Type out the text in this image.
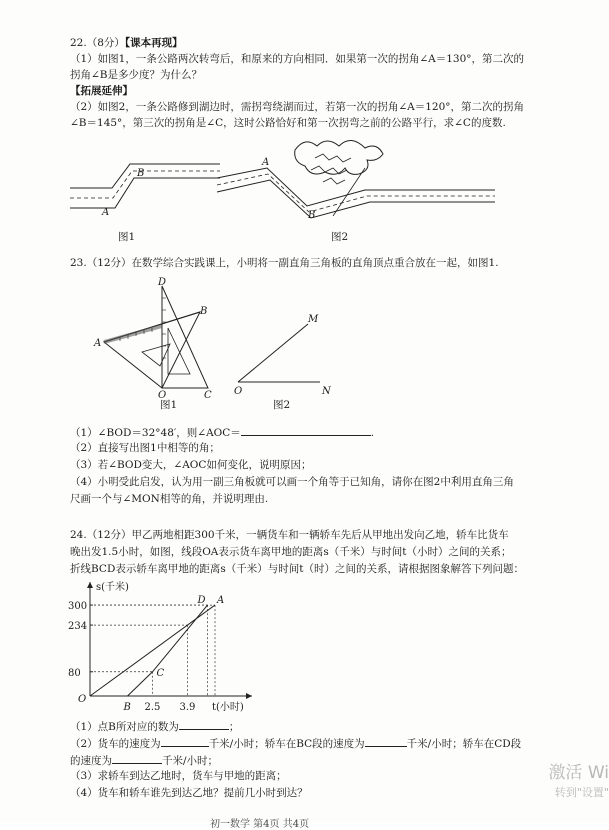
22.（8分）【课本再现】
（1）如图1，一条公路两次转弯后，和原来的方向相同．如果第一次的拐角∠A＝130°，第二次的
拐角∠B是多少度？为什么？
【拓展延伸】
（2）如图2，一条公路修到湖边时，需拐弯绕湖而过，若第一次的拐角∠A＝120°，第二次的拐角
∠B＝145°，第三次的拐角是∠C，这时公路恰好和第一次拐弯之前的公路平行，求∠C的度数.
A
B
图1
A
B
图2
23.（12分）在数学综合实践课上，小明将一副直角三角板的直角顶点重合放在一起，如图1.
D
B
A
O	C
图1
M
O	N
图2
（1）∠BOD＝32°48′，则∠AOC＝	.
（2）直接写出图1中相等的角；
（3）若∠BOD变大，∠AOC如何变化，说明原因；
（4）小明受此启发，认为用一副三角板就可以画一个角等于已知角，请你在图2中利用直角三角
尺画一个与∠MON相等的角，并说明理由.
24.（12分）甲乙两地相距300千米，一辆货车和一辆轿车先后从甲地出发向乙地，轿车比货车
晚出发1.5小时，如图，线段OA表示货车离甲地的距离s（千米）与时间t（小时）之间的关系；
折线BCD表示轿车离甲地的距离s（千米）与时间t（时）之间的关系，请根据图象解答下列问题：
s(千米)
t(小时)
O
300
234
80
2.5 3.9
B
C
D A
（1）点B所对应的数为	；
（2）货车的速度为	千米/小时；轿车在BC段的速度为	千米/小时；轿车在CD段
的速度为	千米/小时；
（3）求轿车到达乙地时，货车与甲地的距离；
（4）货车和轿车谁先到达乙地？提前几小时到达？
激活 Wi
转到"设置"
初一数学 第4页 共4页
